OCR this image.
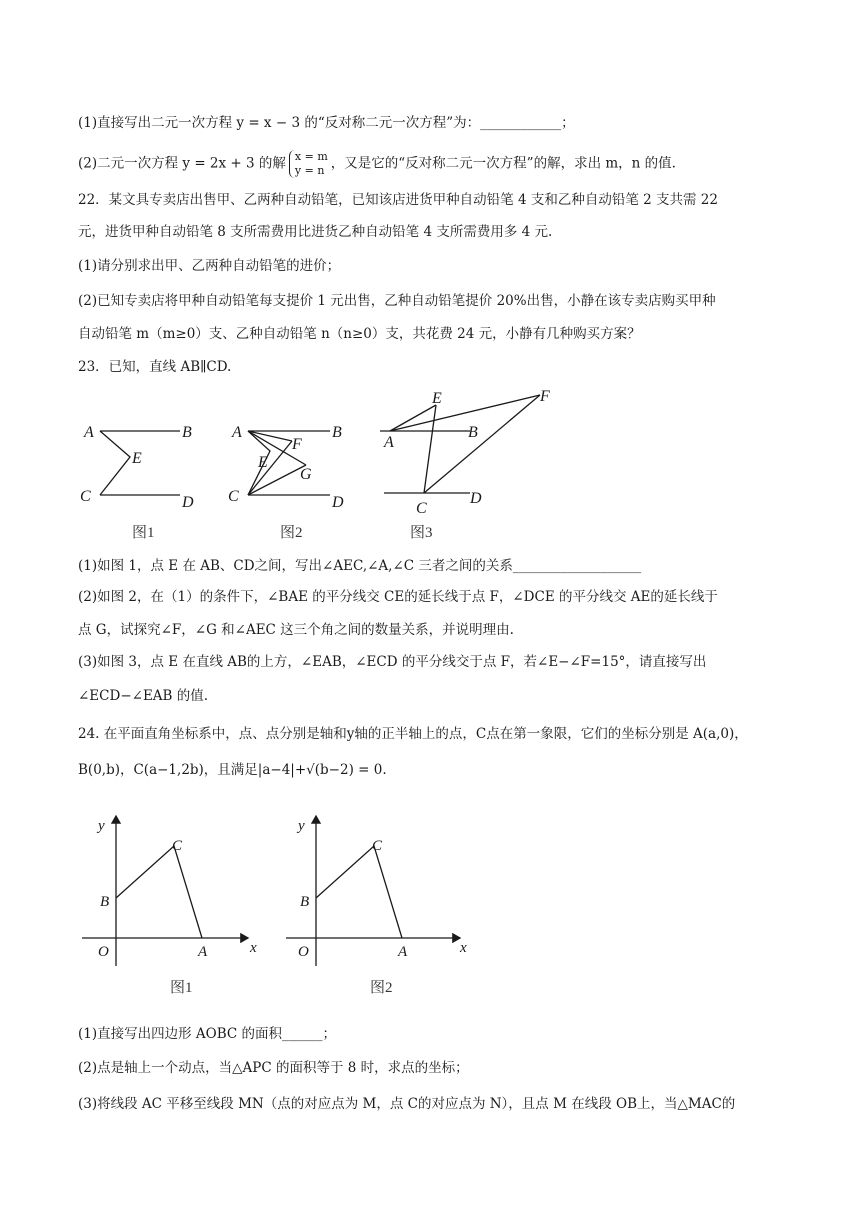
(1)直接写出二元一次方程 y = x − 3 的“反对称二元一次方程”为：____________；
(2)二元一次方程 y = 2x + 3 的解 x = m
y = n ，又是它的“反对称二元一次方程”的解，求出 m，n 的值.
22．某文具专卖店出售甲、乙两种自动铅笔，已知该店进货甲种自动铅笔 4 支和乙种自动铅笔 2 支共需 22
元，进货甲种自动铅笔 8 支所需费用比进货乙种自动铅笔 4 支所需费用多 4 元.
(1)请分别求出甲、乙两种自动铅笔的进价；
(2)已知专卖店将甲种自动铅笔每支提价 1 元出售，乙种自动铅笔提价 20%出售，小静在该专卖店购买甲种
自动铅笔 m（m≥0）支、乙种自动铅笔 n（n≥0）支，共花费 24 元，小静有几种购买方案？
23．已知，直线 AB∥CD.
A	B
E
C	D
A	B
F
E
G
C	D
E	F
A
B
C
D
图1	图2	图3
(1)如图 1，点 E 在 AB、CD之间，写出∠AEC,∠A,∠C 三者之间的关系___________________
(2)如图 2，在（1）的条件下，∠BAE 的平分线交 CE的延长线于点 F，∠DCE 的平分线交 AE的延长线于
点 G，试探究∠F，∠G 和∠AEC 这三个角之间的数量关系，并说明理由.
(3)如图 3，点 E 在直线 AB的上方，∠EAB，∠ECD 的平分线交于点 F，若∠E−∠F=15°，请直接写出
∠ECD−∠EAB 的值.
24. 在平面直角坐标系中，点、点分别是轴和y轴的正半轴上的点，C点在第一象限，它们的坐标分别是 A(a,0)，
B(0,b)，C(a−1,2b)，且满足|a−4|+√(b−2) = 0.
y
C
B
O	A	x
y
C
B
O	A	x
图1	图2
(1)直接写出四边形 AOBC 的面积______；
(2)点是轴上一个动点，当△APC 的面积等于 8 时，求点的坐标；
(3)将线段 AC 平移至线段 MN（点的对应点为 M，点 C的对应点为 N），且点 M 在线段 OB上，当△MAC的
